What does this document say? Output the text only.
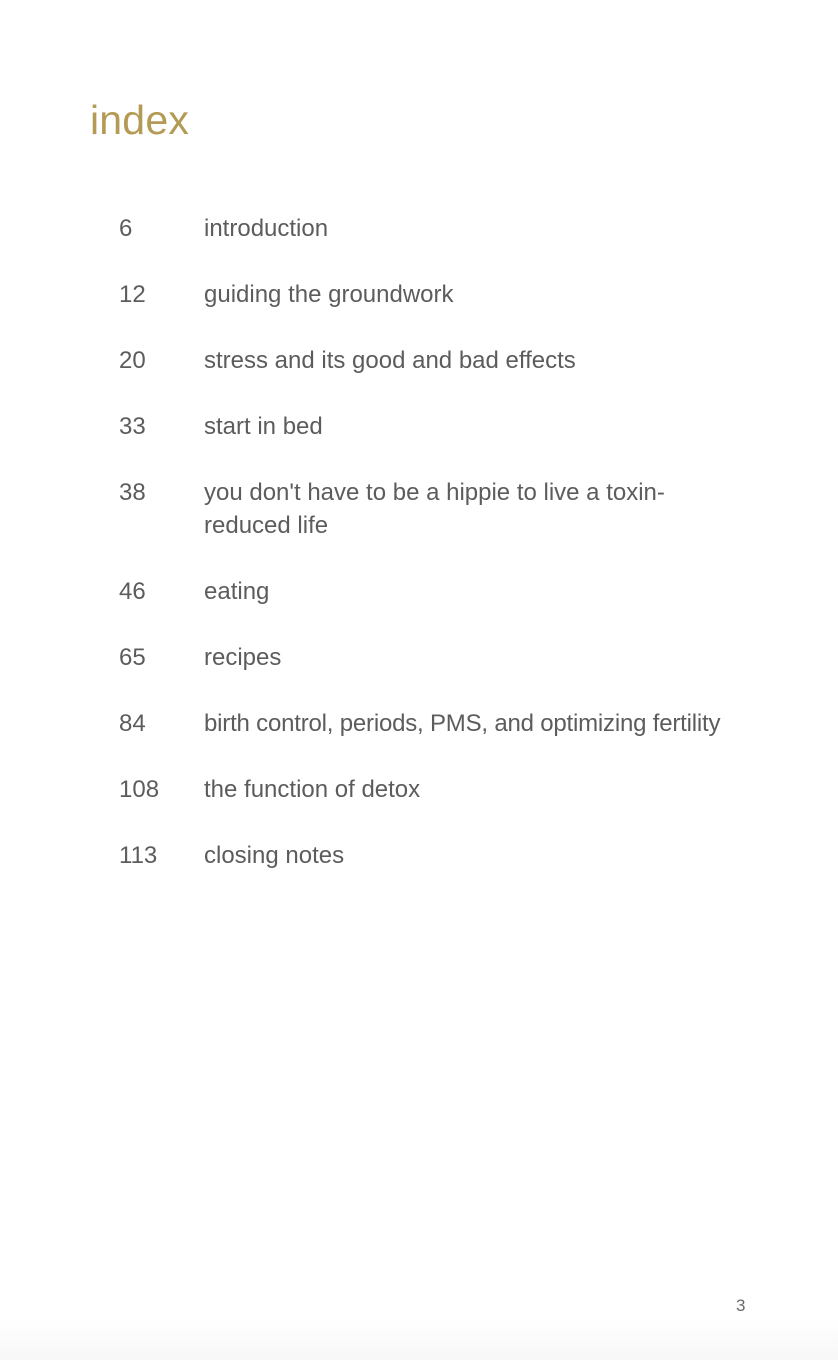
index
6	introduction
12	guiding the groundwork
20	stress and its good and bad effects
33	start in bed
38	you don't have to be a hippie to live a toxin-reduced life
46	eating
65	recipes
84	birth control, periods, PMS, and optimizing fertility
108	the function of detox
113	closing notes
3
